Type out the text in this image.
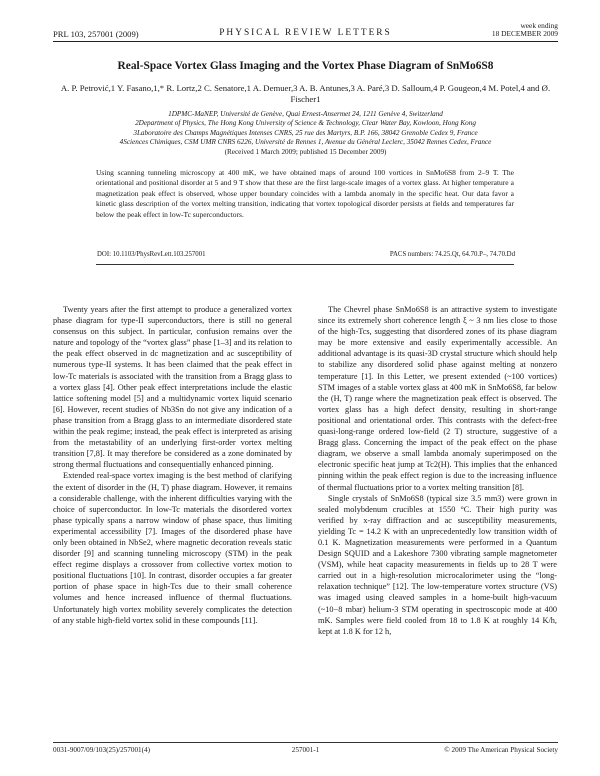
PRL 103, 257001 (2009)	PHYSICAL REVIEW LETTERS
week ending
18 DECEMBER 2009
Real-Space Vortex Glass Imaging and the Vortex Phase Diagram of SnMo6S8
A. P. Petrović,1 Y. Fasano,1,* R. Lortz,2 C. Senatore,1 A. Demuer,3 A. B. Antunes,3 A. Paré,3 D. Salloum,4 P. Gougeon,4 M. Potel,4 and Ø. Fischer1
1DPMC-MaNEP, Université de Genève, Quai Ernest-Ansermet 24, 1211 Genève 4, Switzerland
2Department of Physics, The Hong Kong University of Science & Technology, Clear Water Bay, Kowloon, Hong Kong
3Laboratoire des Champs Magnétiques Intenses CNRS, 25 rue des Martyrs, B.P. 166, 38042 Grenoble Cedex 9, France
4Sciences Chimiques, CSM UMR CNRS 6226, Université de Rennes 1, Avenue du Général Leclerc, 35042 Rennes Cedex, France
(Received 1 March 2009; published 15 December 2009)
Using scanning tunneling microscopy at 400 mK, we have obtained maps of around 100 vortices in SnMo6S8 from 2–9 T. The orientational and positional disorder at 5 and 9 T show that these are the first large-scale images of a vortex glass. At higher temperature a magnetization peak effect is observed, whose upper boundary coincides with a lambda anomaly in the specific heat. Our data favor a kinetic glass description of the vortex melting transition, indicating that vortex topological disorder persists at fields and temperatures far below the peak effect in low-Tc superconductors.
DOI: 10.1103/PhysRevLett.103.257001	PACS numbers: 74.25.Qt, 64.70.P–, 74.70.Dd

Twenty years after the first attempt to produce a generalized vortex phase diagram for type-II superconductors, there is still no general consensus on this subject. In particular, confusion remains over the nature and topology of the “vortex glass” phase [1–3] and its relation to the peak effect observed in dc magnetization and ac susceptibility of numerous type-II systems. It has been claimed that the peak effect in low-Tc materials is associated with the transition from a Bragg glass to a vortex glass [4]. Other peak effect interpretations include the elastic lattice softening model [5] and a multidynamic vortex liquid scenario [6]. However, recent studies of Nb3Sn do not give any indication of a phase transition from a Bragg glass to an intermediate disordered state within the peak regime; instead, the peak effect is interpreted as arising from the metastability of an underlying first-order vortex melting transition [7,8]. It may therefore be considered as a zone dominated by strong thermal fluctuations and consequentially enhanced pinning.

Extended real-space vortex imaging is the best method of clarifying the extent of disorder in the (H, T) phase diagram. However, it remains a considerable challenge, with the inherent difficulties varying with the choice of superconductor. In low-Tc materials the disordered vortex phase typically spans a narrow window of phase space, thus limiting experimental accessibility [7]. Images of the disordered phase have only been obtained in NbSe2, where magnetic decoration reveals static disorder [9] and scanning tunneling microscopy (STM) in the peak effect regime displays a crossover from collective vortex motion to positional fluctuations [10]. In contrast, disorder occupies a far greater portion of phase space in high-Tcs due to their small coherence volumes and hence increased influence of thermal fluctuations. Unfortunately high vortex mobility severely complicates the detection of any stable high-field vortex solid in these compounds [11].

The Chevrel phase SnMo6S8 is an attractive system to investigate since its extremely short coherence length ξ ~ 3 nm lies close to those of the high-Tcs, suggesting that disordered zones of its phase diagram may be more extensive and easily experimentally accessible. An additional advantage is its quasi-3D crystal structure which should help to stabilize any disordered solid phase against melting at nonzero temperature [1]. In this Letter, we present extended (~100 vortices) STM images of a stable vortex glass at 400 mK in SnMo6S8, far below the (H, T) range where the magnetization peak effect is observed. The vortex glass has a high defect density, resulting in short-range positional and orientational order. This contrasts with the defect-free quasi-long-range ordered low-field (2 T) structure, suggestive of a Bragg glass. Concerning the impact of the peak effect on the phase diagram, we observe a small lambda anomaly superimposed on the electronic specific heat jump at Tc2(H). This implies that the enhanced pinning within the peak effect region is due to the increasing influence of thermal fluctuations prior to a vortex melting transition [8].

Single crystals of SnMo6S8 (typical size 3.5 mm3) were grown in sealed molybdenum crucibles at 1550 °C. Their high purity was verified by x-ray diffraction and ac susceptibility measurements, yielding Tc = 14.2 K with an unprecedentedly low transition width of 0.1 K. Magnetization measurements were performed in a Quantum Design SQUID and a Lakeshore 7300 vibrating sample magnetometer (VSM), while heat capacity measurements in fields up to 28 T were carried out in a high-resolution microcalorimeter using the “long-relaxation technique” [12]. The low-temperature vortex structure (VS) was imaged using cleaved samples in a home-built high-vacuum (~10−8 mbar) helium-3 STM operating in spectroscopic mode at 400 mK. Samples were field cooled from 18 to 1.8 K at roughly 14 K/h, kept at 1.8 K for 12 h,

0031-9007/09/103(25)/257001(4)	257001-1	© 2009 The American Physical Society
